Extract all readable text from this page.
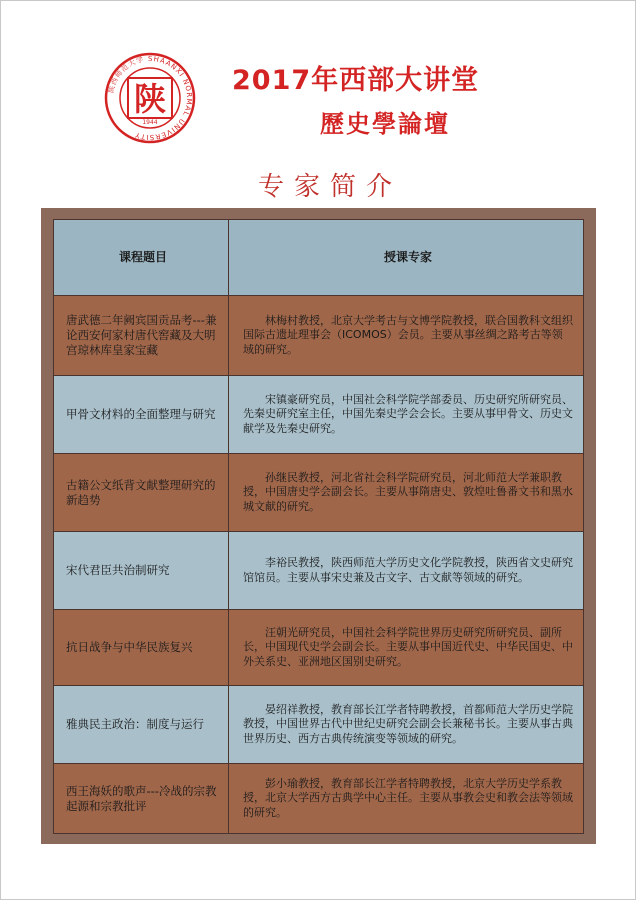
陕西师范大学 SHAANXI NORMAL UNIVERSITY
陕
1944
2017年西部大讲堂
歷史學論壇
专家简介
课程题目	授课专家
唐武德二年阙宾国贡品考---兼论西安何家村唐代窖藏及大明宫琼林库皇家宝藏
林梅村教授，北京大学考古与文博学院教授，联合国教科文组织国际古遗址理事会（ICOMOS）会员。主要从事丝绸之路考古等领域的研究。
甲骨文材料的全面整理与研究
宋镇豪研究员，中国社会科学院学部委员、历史研究所研究员、先秦史研究室主任，中国先秦史学会会长。主要从事甲骨文、历史文献学及先秦史研究。
古籍公文纸背文献整理研究的新趋势
孙继民教授，河北省社会科学院研究员，河北师范大学兼职教授，中国唐史学会副会长。主要从事隋唐史、敦煌吐鲁番文书和黑水城文献的研究。
宋代君臣共治制研究
李裕民教授，陕西师范大学历史文化学院教授，陕西省文史研究馆馆员。主要从事宋史兼及古文字、古文献等领域的研究。
抗日战争与中华民族复兴
汪朝光研究员，中国社会科学院世界历史研究所研究员、副所长，中国现代史学会副会长。主要从事中国近代史、中华民国史、中外关系史、亚洲地区国别史研究。
雅典民主政治：制度与运行
晏绍祥教授，教育部长江学者特聘教授，首都师范大学历史学院教授，中国世界古代中世纪史研究会副会长兼秘书长。主要从事古典世界历史、西方古典传统演变等领域的研究。
西王海妖的歌声---冷战的宗教起源和宗教批评
彭小瑜教授，教育部长江学者特聘教授，北京大学历史学系教授，北京大学西方古典学中心主任。主要从事教会史和教会法等领域的研究。
